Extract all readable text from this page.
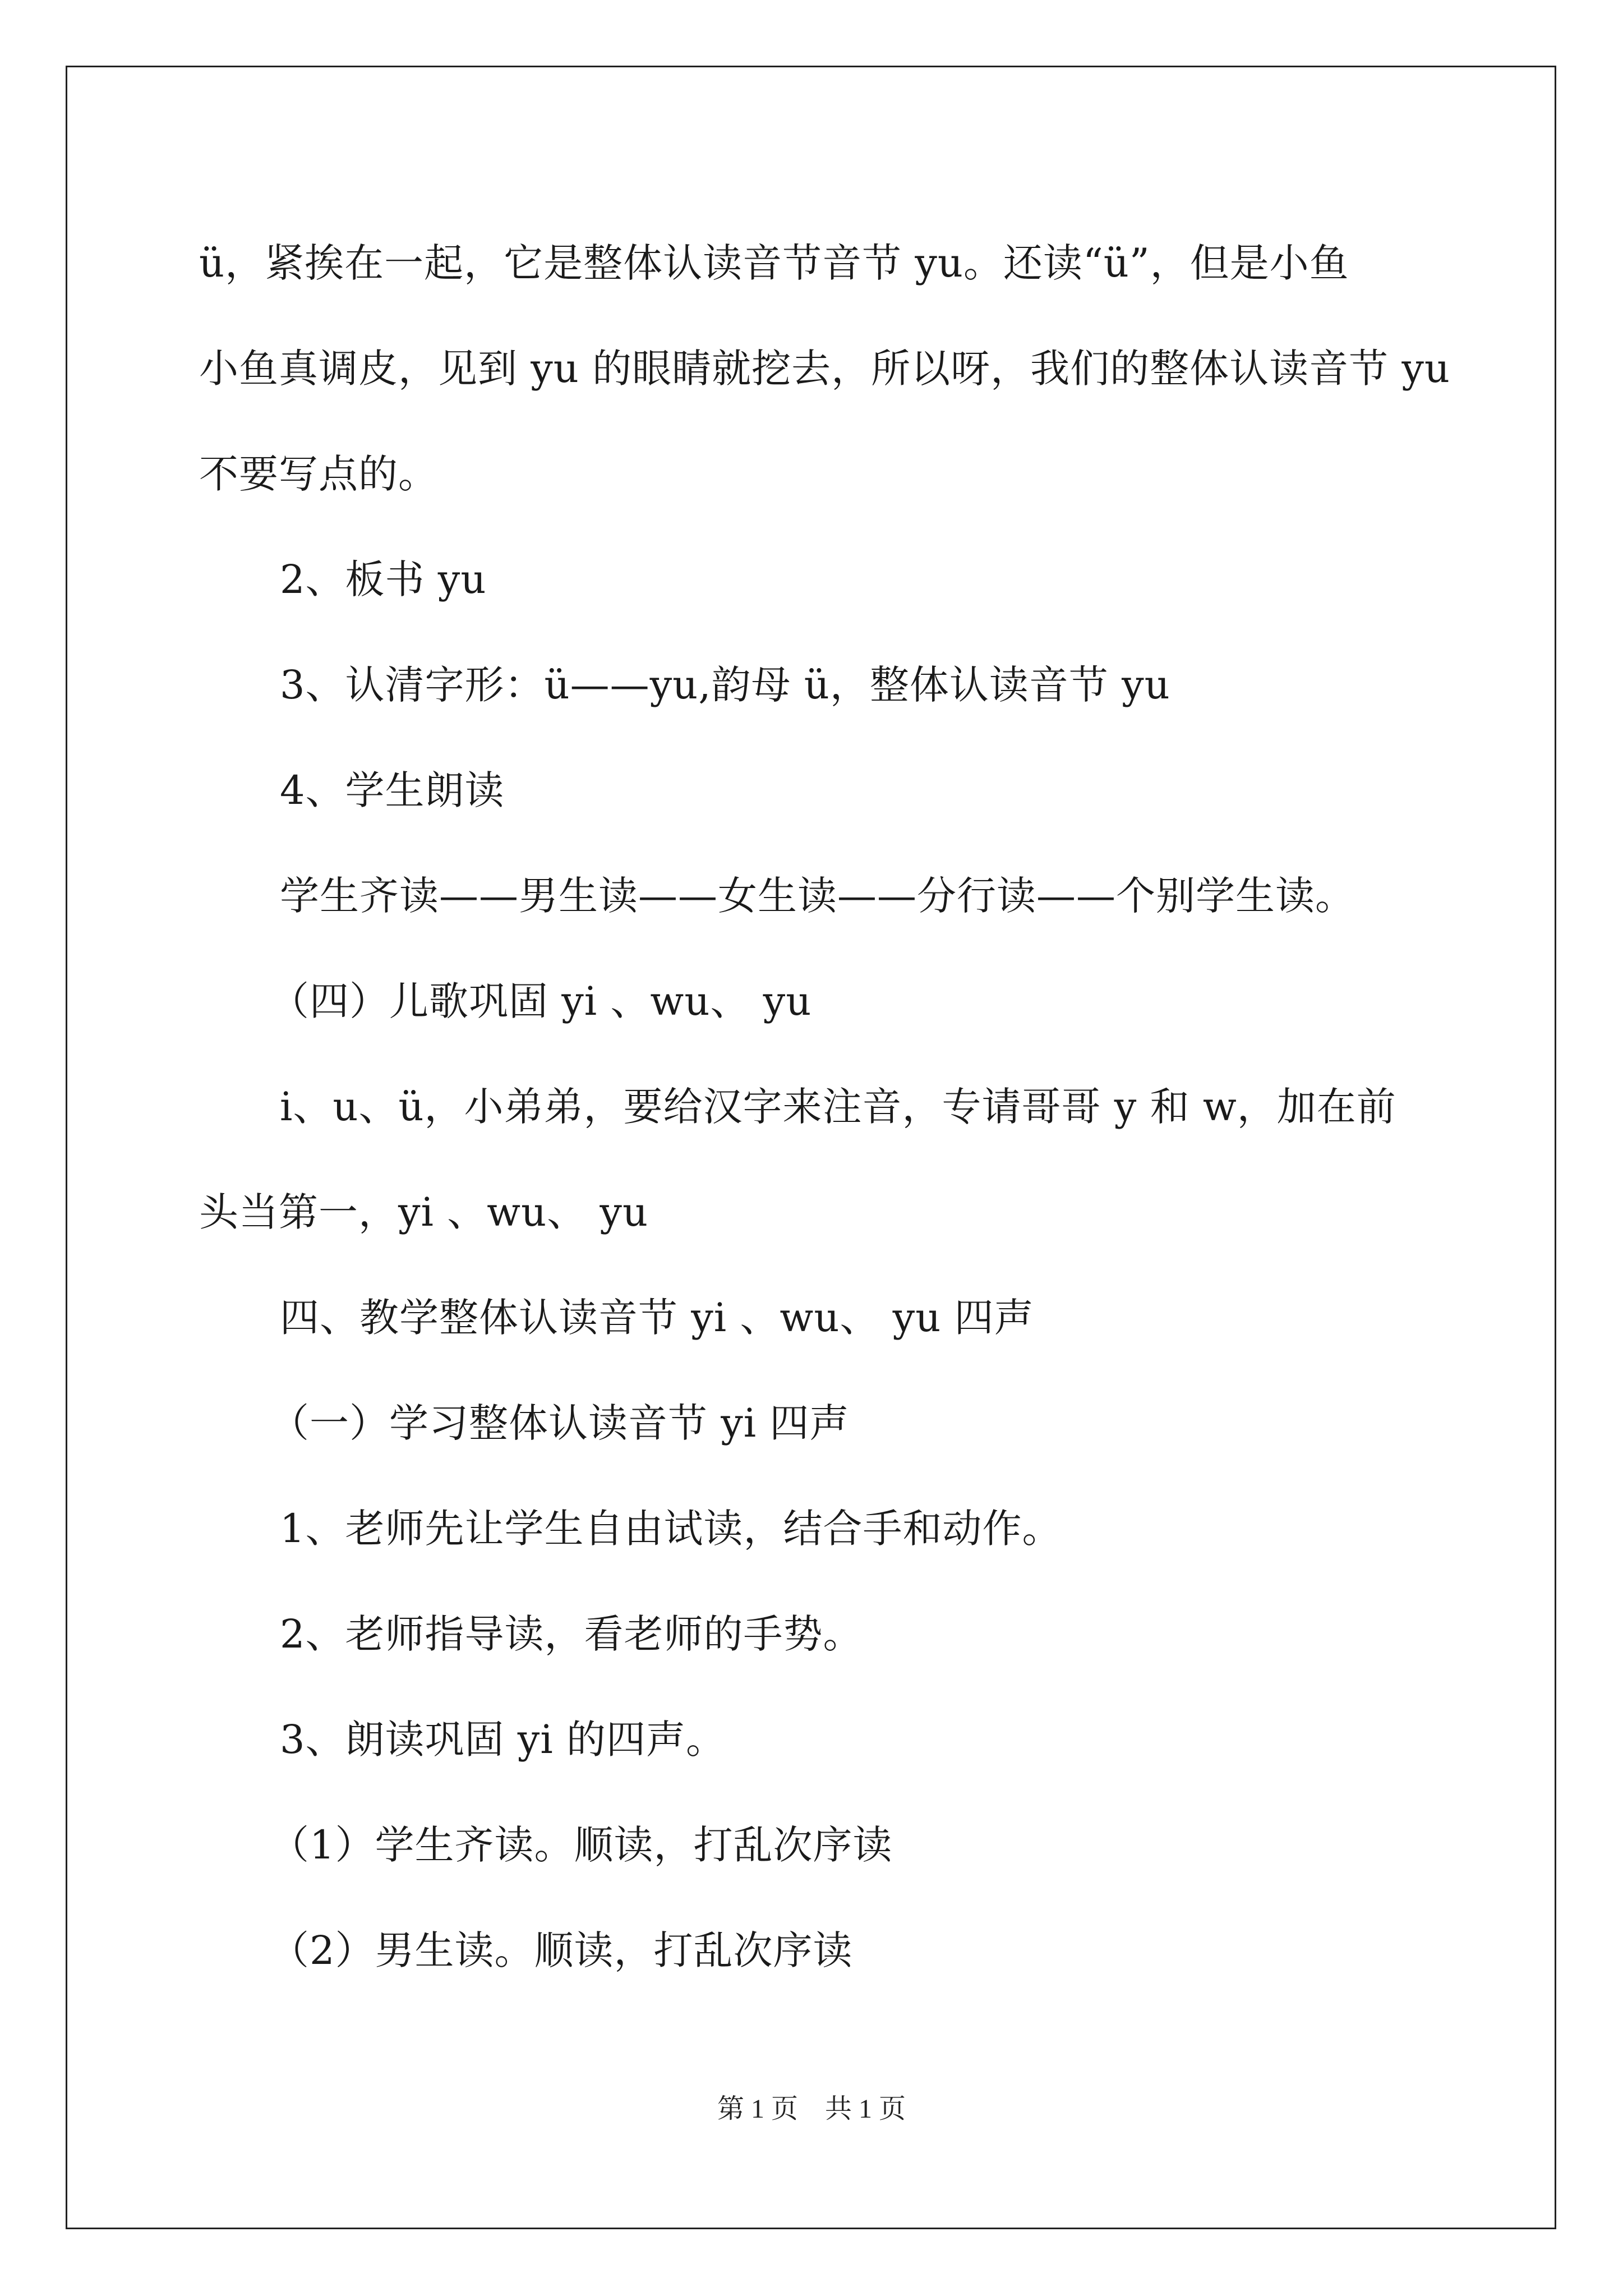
ü，紧挨在一起，它是整体认读音节音节 yu。还读“ü”，但是小鱼
小鱼真调皮，见到 yu 的眼睛就挖去，所以呀，我们的整体认读音节 yu
不要写点的。
2、板书 yu
3、认清字形：ü——yu,韵母 ü，整体认读音节 yu
4、学生朗读
学生齐读——男生读——女生读——分行读——个别学生读。
（四）儿歌巩固 yi 、wu、 yu
i、u、ü，小弟弟，要给汉字来注音，专请哥哥 y 和 w，加在前
头当第一，yi 、wu、 yu
四、教学整体认读音节 yi 、wu、 yu 四声
（一）学习整体认读音节 yi 四声
1、老师先让学生自由试读，结合手和动作。
2、老师指导读，看老师的手势。
3、朗读巩固 yi 的四声。
（1）学生齐读。顺读，打乱次序读
（2）男生读。顺读，打乱次序读
第 1 页　共 1 页
